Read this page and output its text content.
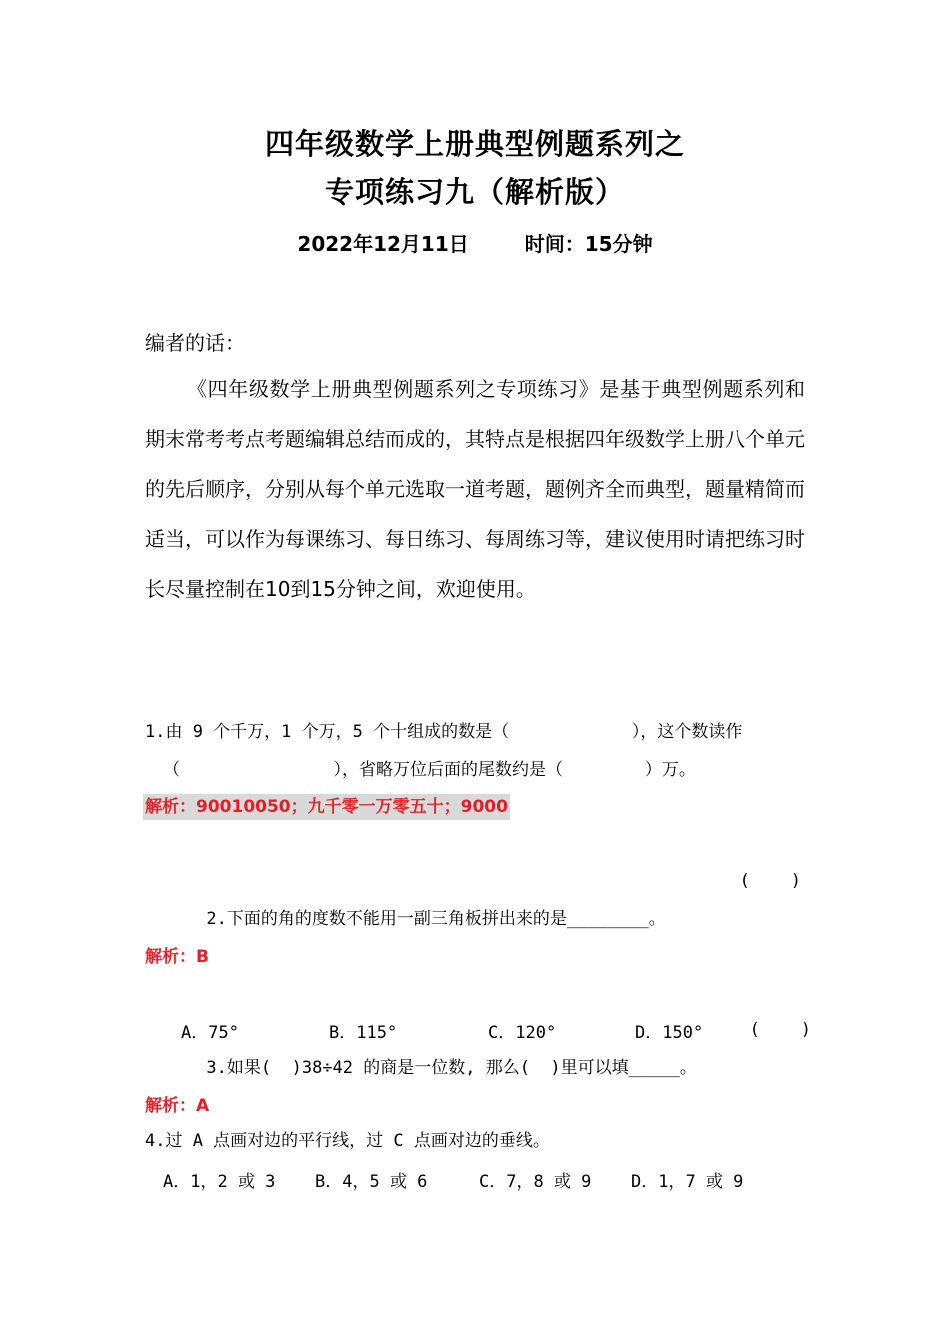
四年级数学上册典型例题系列之
专项练习九（解析版）
2022年12月11日	时间：15分钟
编者的话：

《四年级数学上册典型例题系列之专项练习》是基于典型例题系列和期末常考考点考题编辑总结而成的，其特点是根据四年级数学上册八个单元的先后顺序，分别从每个单元选取一道考题，题例齐全而典型，题量精简而适当，可以作为每课练习、每日练习、每周练习等，建议使用时请把练习时长尽量控制在10到15分钟之间，欢迎使用。

1.由 9 个千万，1 个万，5 个十组成的数是（            ），这个数读作
（               ），省略万位后面的尾数约是（        ）万。
解析：90010050；九千零一万零五十；9000

2.下面的角的度数不能用一副三角板拼出来的是________。

(    )

A．75°	B．115°	C．120°	D．150°
解析：B

3.如果(  )38÷42 的商是一位数, 那么(  )里可以填_____。

(    )

A．1，2 或 3 B．4，5 或 6	C．7，8 或 9 D．1，7 或 9
解析：A
4.过 A 点画对边的平行线，过 C 点画对边的垂线。
